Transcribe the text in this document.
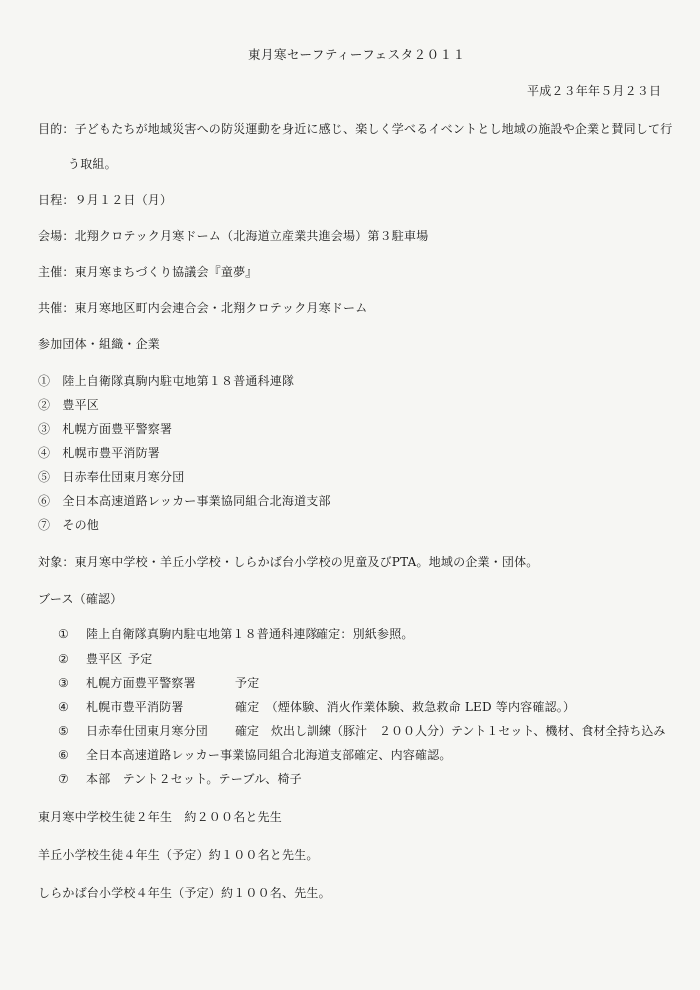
東月寒セーフティーフェスタ２０１１
平成２３年年５月２３日
目的：子どもたちが地域災害への防災運動を身近に感じ、楽しく学べるイベントとし地域の施設や企業と賛同して行
う取組。
日程：９月１２日（月）
会場：北翔クロテック月寒ドーム（北海道立産業共進会場）第３駐車場
主催：東月寒まちづくり協議会『童夢』
共催：東月寒地区町内会連合会・北翔クロテック月寒ドーム
参加団体・組織・企業
①　陸上自衛隊真駒内駐屯地第１８普通科連隊
②　豊平区
③　札幌方面豊平警察署
④　札幌市豊平消防署
⑤　日赤奉仕団東月寒分団
⑥　全日本高速道路レッカー事業協同組合北海道支部
⑦　その他
対象：東月寒中学校・羊丘小学校・しらかば台小学校の児童及びPTA。地域の企業・団体。
ブース（確認）
① 陸上自衛隊真駒内駐屯地第１８普通科連隊
確定：別紙参照。
② 豊平区 予定
③ 札幌方面豊平警察署	予定
④ 札幌市豊平消防署	確定　（煙体験、消火作業体験、救急救命 LED 等内容確認。）
⑤ 日赤奉仕団東月寒分団 確定　炊出し訓練（豚汁　２００人分）テント１セット、機材、食材全持ち込み
⑥ 全日本高速道路レッカー事業協同組合北海道支部 確定、内容確認。
⑦ 本部　テント２セット。テーブル、椅子
東月寒中学校生徒２年生　約２００名と先生
羊丘小学校生徒４年生（予定）約１００名と先生。
しらかば台小学校４年生（予定）約１００名、先生。
